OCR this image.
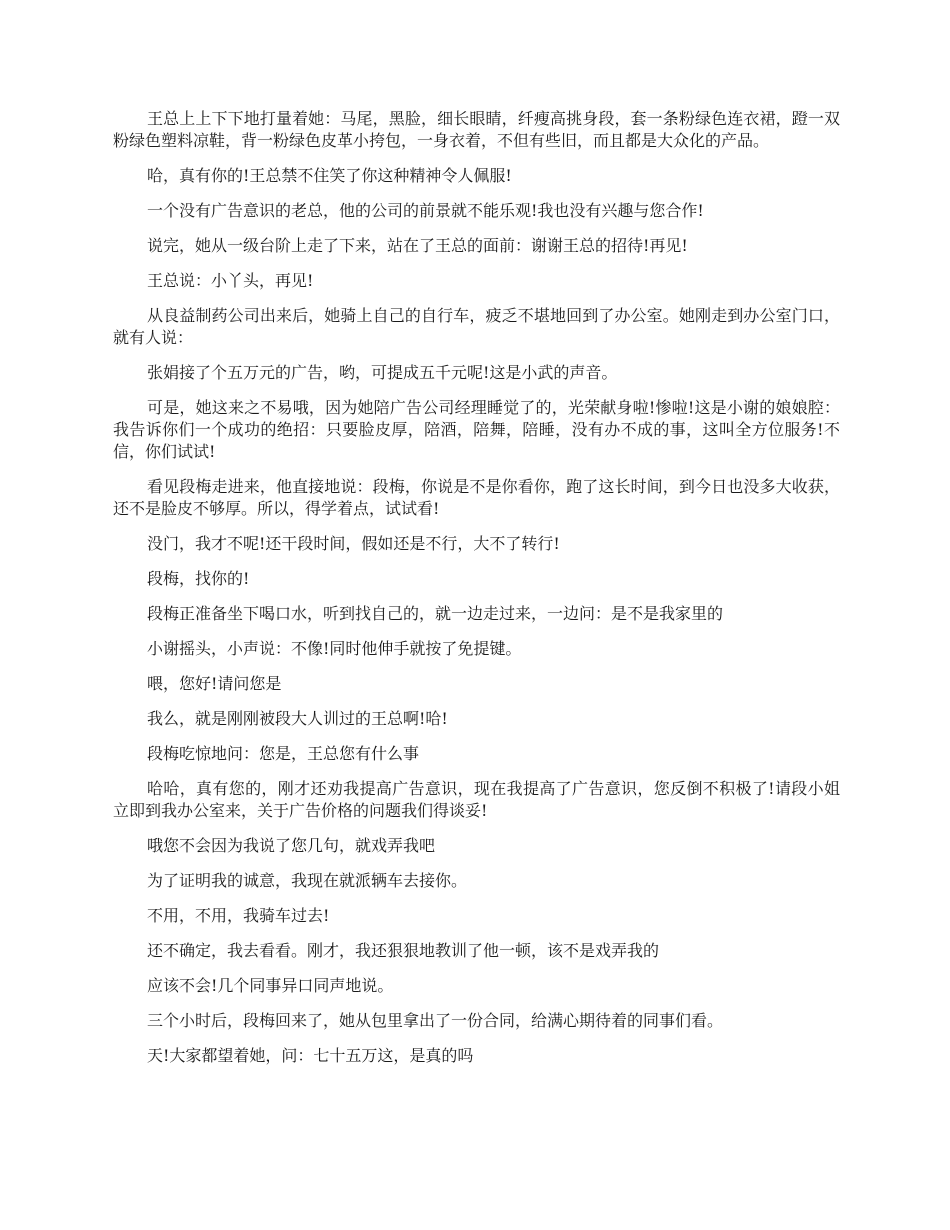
王总上上下下地打量着她：马尾，黑脸，细长眼睛，纤瘦高挑身段，套一条粉绿色连衣裙，蹬一双粉绿色塑料凉鞋，背一粉绿色皮革小挎包，一身衣着，不但有些旧，而且都是大众化的产品。

哈，真有你的!王总禁不住笑了你这种精神令人佩服!

一个没有广告意识的老总，他的公司的前景就不能乐观!我也没有兴趣与您合作!

说完，她从一级台阶上走了下来，站在了王总的面前：谢谢王总的招待!再见!

王总说：小丫头，再见!

从良益制药公司出来后，她骑上自己的自行车，疲乏不堪地回到了办公室。她刚走到办公室门口，就有人说：

张娟接了个五万元的广告，哟，可提成五千元呢!这是小武的声音。

可是，她这来之不易哦，因为她陪广告公司经理睡觉了的，光荣献身啦!惨啦!这是小谢的娘娘腔：我告诉你们一个成功的绝招：只要脸皮厚，陪酒，陪舞，陪睡，没有办不成的事，这叫全方位服务!不信，你们试试!

看见段梅走进来，他直接地说：段梅，你说是不是你看你，跑了这长时间，到今日也没多大收获，还不是脸皮不够厚。所以，得学着点，试试看!

没门，我才不呢!还干段时间，假如还是不行，大不了转行!

段梅，找你的!

段梅正准备坐下喝口水，听到找自己的，就一边走过来，一边问：是不是我家里的

小谢摇头，小声说：不像!同时他伸手就按了免提键。

喂，您好!请问您是

我么，就是刚刚被段大人训过的王总啊!哈!

段梅吃惊地问：您是，王总您有什么事

哈哈，真有您的，刚才还劝我提高广告意识，现在我提高了广告意识，您反倒不积极了!请段小姐立即到我办公室来，关于广告价格的问题我们得谈妥!

哦您不会因为我说了您几句，就戏弄我吧

为了证明我的诚意，我现在就派辆车去接你。

不用，不用，我骑车过去!

还不确定，我去看看。刚才，我还狠狠地教训了他一顿，该不是戏弄我的

应该不会!几个同事异口同声地说。

三个小时后，段梅回来了，她从包里拿出了一份合同，给满心期待着的同事们看。

天!大家都望着她，问：七十五万这，是真的吗
